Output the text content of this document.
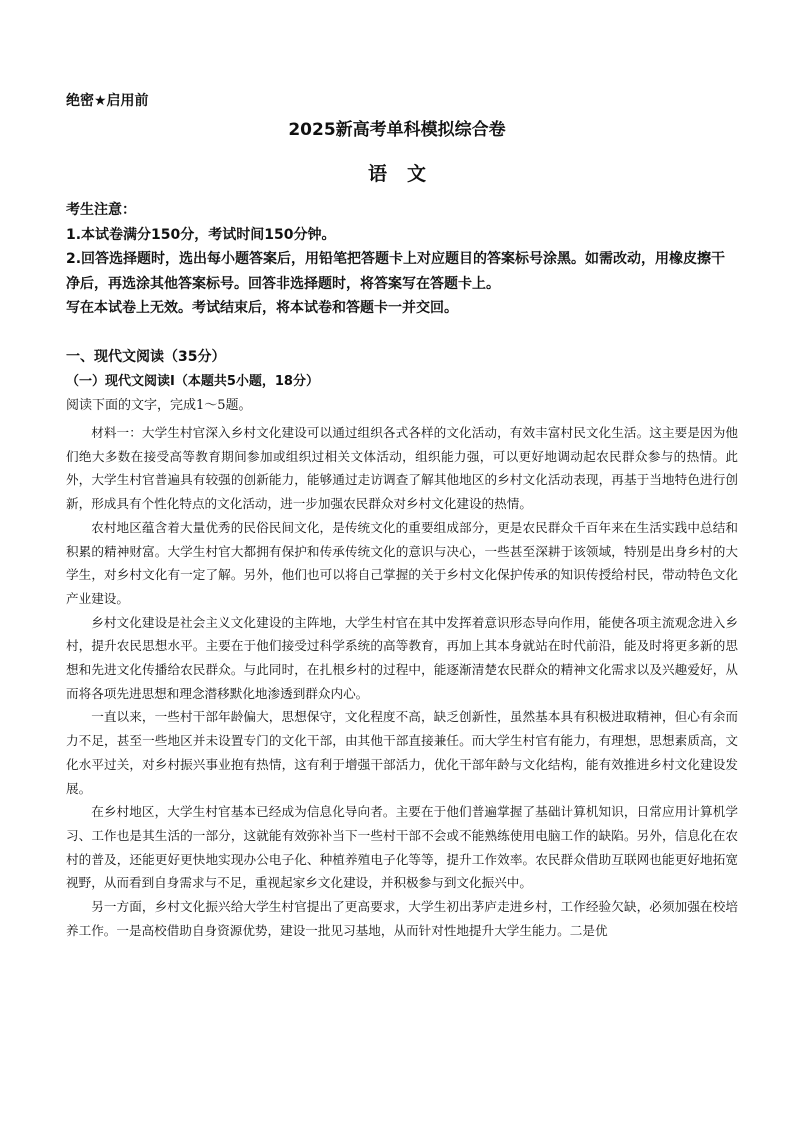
绝密★启用前
2025新高考单科模拟综合卷
语文
考生注意：
1.本试卷满分150分，考试时间150分钟。
2.回答选择题时，选出每小题答案后，用铅笔把答题卡上对应题目的答案标号涂黑。如需改动，用橡皮擦干净后，再选涂其他答案标号。回答非选择题时，将答案写在答题卡上。
写在本试卷上无效。考试结束后，将本试卷和答题卡一并交回。
一、现代文阅读（35分）
（一）现代文阅读Ⅰ（本题共5小题，18分）
阅读下面的文字，完成1～5题。

材料一：大学生村官深入乡村文化建设可以通过组织各式各样的文化活动，有效丰富村民文化生活。这主要是因为他们绝大多数在接受高等教育期间参加或组织过相关文体活动，组织能力强，可以更好地调动起农民群众参与的热情。此外，大学生村官普遍具有较强的创新能力，能够通过走访调查了解其他地区的乡村文化活动表现，再基于当地特色进行创新，形成具有个性化特点的文化活动，进一步加强农民群众对乡村文化建设的热情。

农村地区蕴含着大量优秀的民俗民间文化，是传统文化的重要组成部分，更是农民群众千百年来在生活实践中总结和积累的精神财富。大学生村官大都拥有保护和传承传统文化的意识与决心，一些甚至深耕于该领域，特别是出身乡村的大学生，对乡村文化有一定了解。另外，他们也可以将自己掌握的关于乡村文化保护传承的知识传授给村民，带动特色文化产业建设。

乡村文化建设是社会主义文化建设的主阵地，大学生村官在其中发挥着意识形态导向作用，能使各项主流观念进入乡村，提升农民思想水平。主要在于他们接受过科学系统的高等教育，再加上其本身就站在时代前沿，能及时将更多新的思想和先进文化传播给农民群众。与此同时，在扎根乡村的过程中，能逐渐清楚农民群众的精神文化需求以及兴趣爱好，从而将各项先进思想和理念潜移默化地渗透到群众内心。

一直以来，一些村干部年龄偏大，思想保守，文化程度不高，缺乏创新性，虽然基本具有积极进取精神，但心有余而力不足，甚至一些地区并未设置专门的文化干部，由其他干部直接兼任。而大学生村官有能力，有理想，思想素质高，文化水平过关，对乡村振兴事业抱有热情，这有利于增强干部活力，优化干部年龄与文化结构，能有效推进乡村文化建设发展。

在乡村地区，大学生村官基本已经成为信息化导向者。主要在于他们普遍掌握了基础计算机知识，日常应用计算机学习、工作也是其生活的一部分，这就能有效弥补当下一些村干部不会或不能熟练使用电脑工作的缺陷。另外，信息化在农村的普及，还能更好更快地实现办公电子化、种植养殖电子化等等，提升工作效率。农民群众借助互联网也能更好地拓宽视野，从而看到自身需求与不足，重视起家乡文化建设，并积极参与到文化振兴中。

另一方面，乡村文化振兴给大学生村官提出了更高要求，大学生初出茅庐走进乡村，工作经验欠缺，必须加强在校培养工作。一是高校借助自身资源优势，建设一批见习基地，从而针对性地提升大学生能力。二是优
